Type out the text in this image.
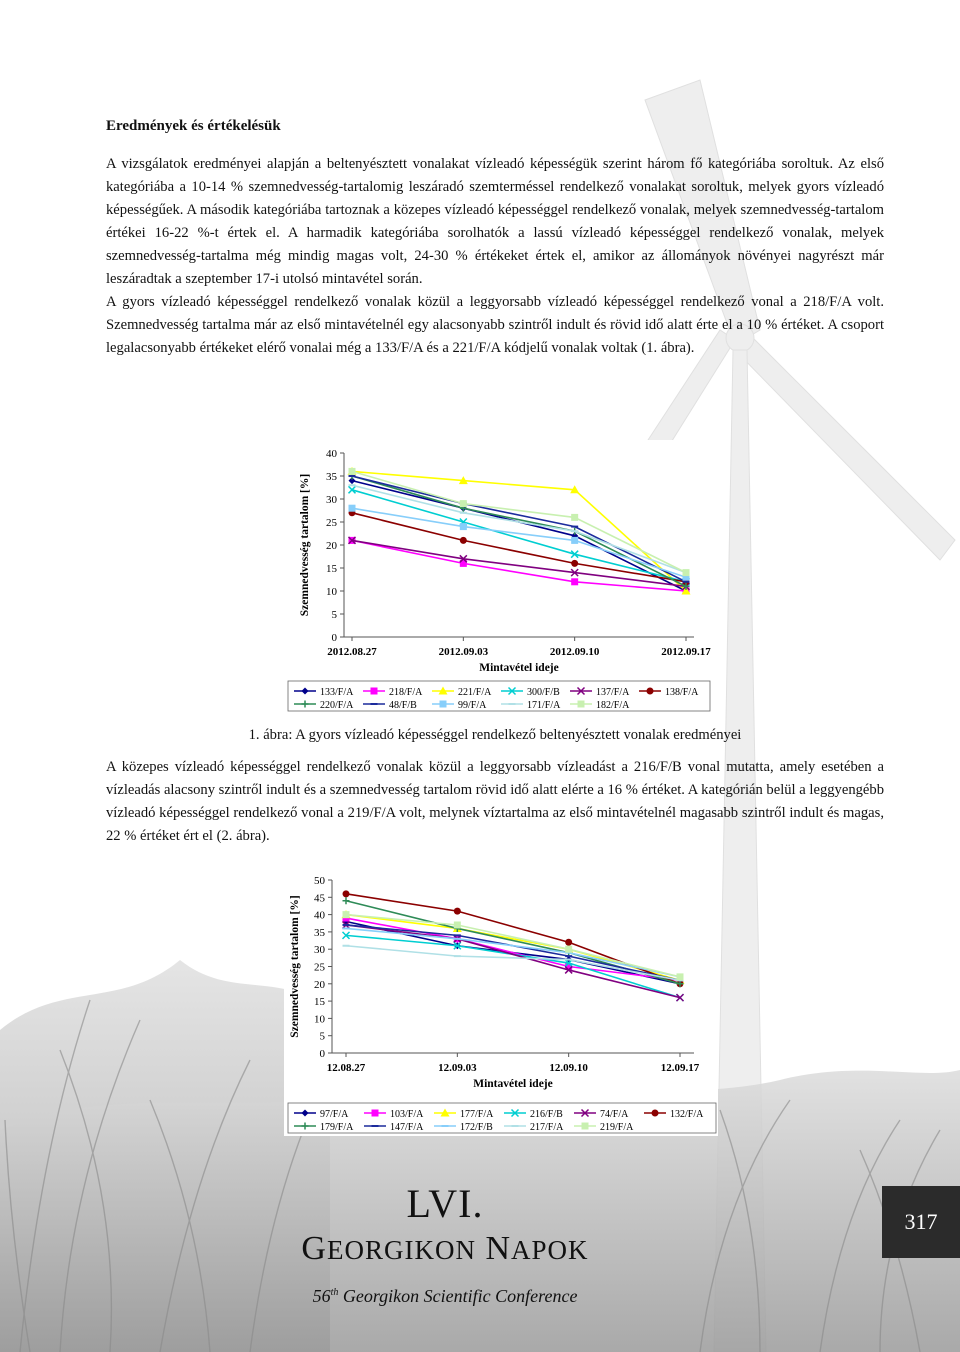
Eredmények és értékelésük

A vizsgálatok eredményei alapján a beltenyésztett vonalakat vízleadó képességük szerint három fő kategóriába soroltuk. Az első kategóriába a 10-14 % szemnedvesség-tartalomig leszáradó szemterméssel rendelkező vonalakat soroltuk, melyek gyors vízleadó képességűek. A második kategóriába tartoznak a közepes vízleadó képességgel rendelkező vonalak, melyek szemnedvesség-tartalom értékei 16-22 %-t értek el. A harmadik kategóriába sorolhatók a lassú vízleadó képességgel rendelkező vonalak, melyek szemnedvesség-tartalma még mindig magas volt, 24-30 % értékeket értek el, amikor az állományok növényei nagyrészt már leszáradtak a szeptember 17-i utolsó mintavétel során.

A gyors vízleadó képességgel rendelkező vonalak közül a leggyorsabb vízleadó képességgel rendelkező vonal a 218/F/A volt. Szemnedvesség tartalma már az első mintavételnél egy alacsonyabb szintről indult és rövid idő alatt érte el a 10 % értéket. A csoport legalacsonyabb értékeket elérő vonalai még a 133/F/A és a 221/F/A kódjelű vonalak voltak (1. ábra).

0
5
10
15
20
25
30
35
40
2012.08.27	2012.09.03	2012.09.10	2012.09.17
Szemnedvesség tartalom [%]
Mintavétel ideje
133/F/A	218/F/A	221/F/A	300/F/B	137/F/A	138/F/A
220/F/A	48/F/B	99/F/A	171/F/A	182/F/A

1. ábra: A gyors vízleadó képességgel rendelkező beltenyésztett vonalak eredményei

A közepes vízleadó képességgel rendelkező vonalak közül a leggyorsabb vízleadást a 216/F/B vonal mutatta, amely esetében a vízleadás alacsony szintről indult és a szemnedvesség tartalom rövid idő alatt elérte a 16 % értéket. A kategórián belül a leggyengébb vízleadó képességgel rendelkező vonal a 219/F/A volt, melynek víztartalma az első mintavételnél magasabb szintről indult és magas, 22 % értéket ért el (2. ábra).

0
5
10
15
20
25
30
35
40
45
50
12.08.27	12.09.03	12.09.10	12.09.17
Szemnedvesség tartalom [%]
Mintavétel ideje
97/F/A	103/F/A	177/F/A	216/F/B	74/F/A	132/F/A
179/F/A	147/F/A	172/F/B	217/F/A	219/F/A
LVI.
GEORGIKON NAPOK
56th Georgikon Scientific Conference
317
